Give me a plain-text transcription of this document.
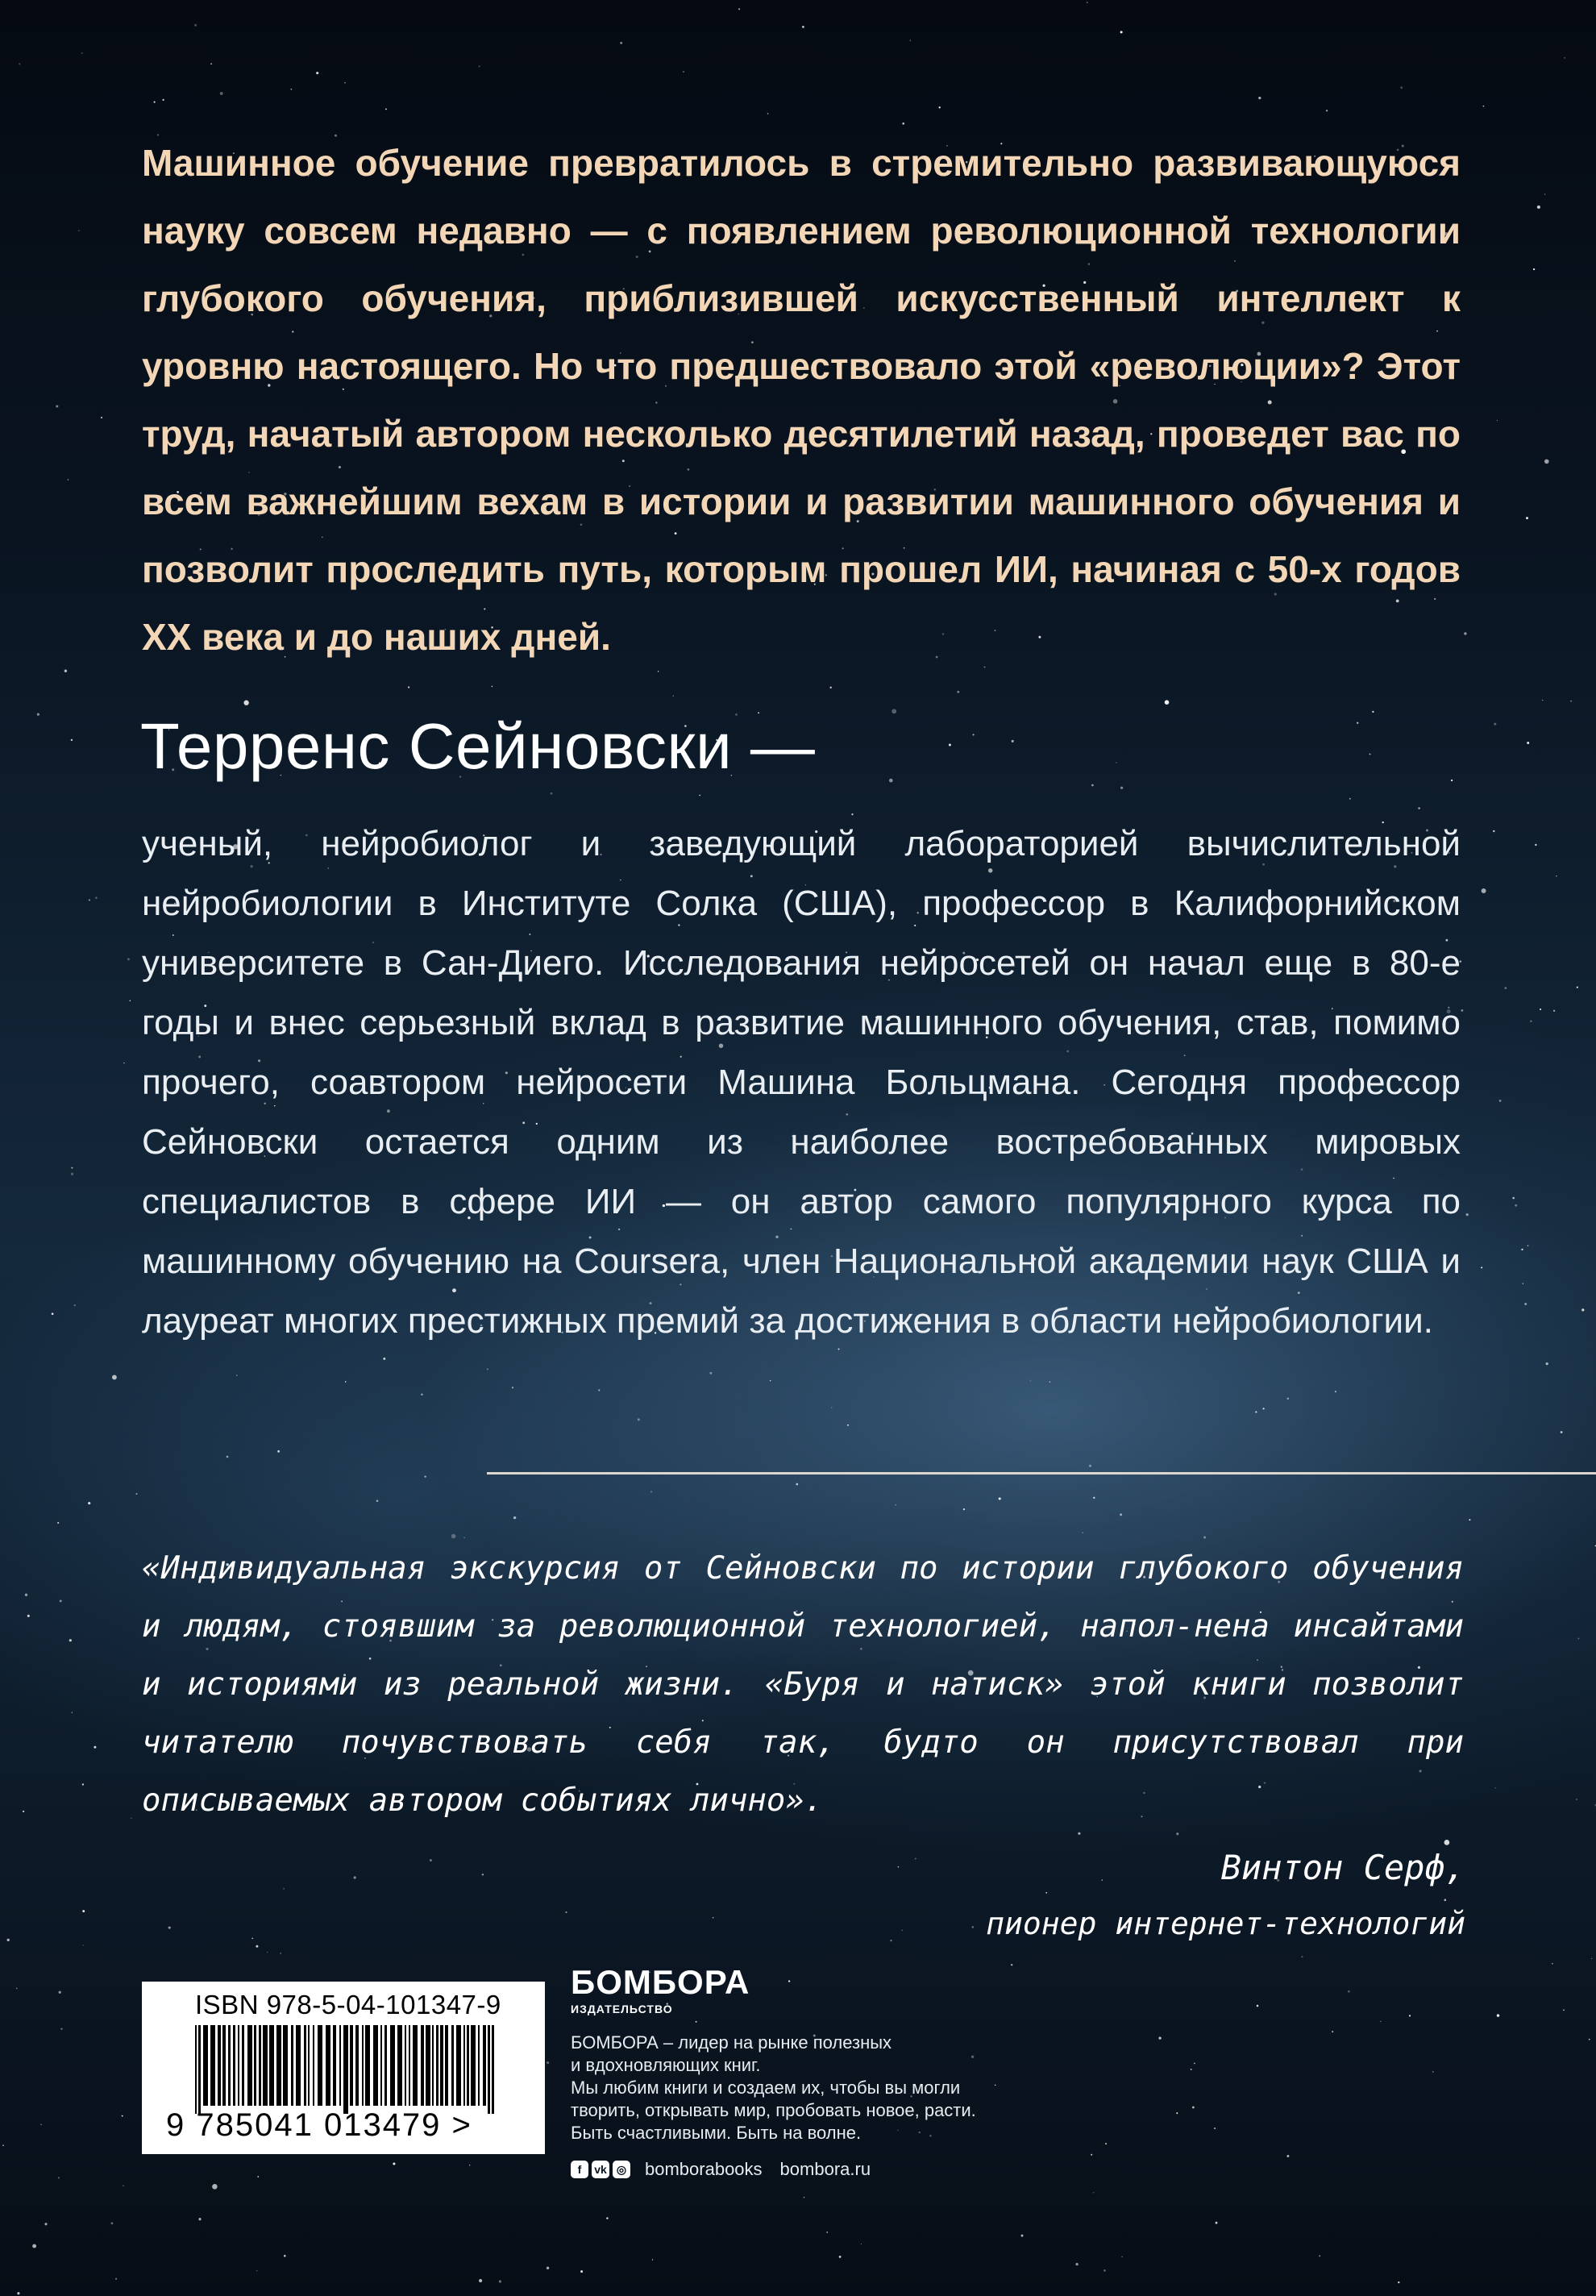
Машинное обучение превратилось в стремительно развивающуюся науку совсем недавно — с появлением революционной технологии глубокого обучения, приблизившей искусственный интеллект к уровню настоящего. Но что предшествовало этой «революции»? Этот труд, начатый автором несколько десятилетий назад, проведет вас по всем важнейшим вехам в истории и развитии машинного обучения и позволит проследить путь, которым прошел ИИ, начиная с 50-х годов XX века и до наших дней.

Терренс Сейновски —

ученый, нейробиолог и заведующий лабораторией вычислительной нейробиологии в Институте Солка (США), профессор в Калифорнийском университете в Сан-Диего. Исследования нейросетей он начал еще в 80-е годы и внес серьезный вклад в развитие машинного обучения, став, помимо прочего, соавтором нейросети Машина Больцмана. Сегодня профессор Сейновски остается одним из наиболее востребованных мировых специалистов в сфере ИИ — он автор самого популярного курса по машинному обучению на Coursera, член Национальной академии наук США и лауреат многих престижных премий за достижения в области нейробиологии.

«Индивидуальная экскурсия от Сейновски по истории глубокого обучения и людям, стоявшим за революционной технологией, напол-нена инсайтами и историями из реальной жизни. «Буря и натиск» этой книги позволит читателю почувствовать себя так, будто он присутствовал при описываемых автором событиях лично».

Винтон Серф,
пионер интернет-технологий
ISBN 978-5-04-101347-9
9 785041 013479 >
БОМБОРА
ИЗДАТЕЛЬСТВО
БОМБОРА – лидер на рынке полезных
и вдохновляющих книг.
Мы любим книги и создаем их, чтобы вы могли
творить, открывать мир, пробовать новое, расти.
Быть счастливыми. Быть на волне.
f	vk ◎ bomborabooks bombora.ru
